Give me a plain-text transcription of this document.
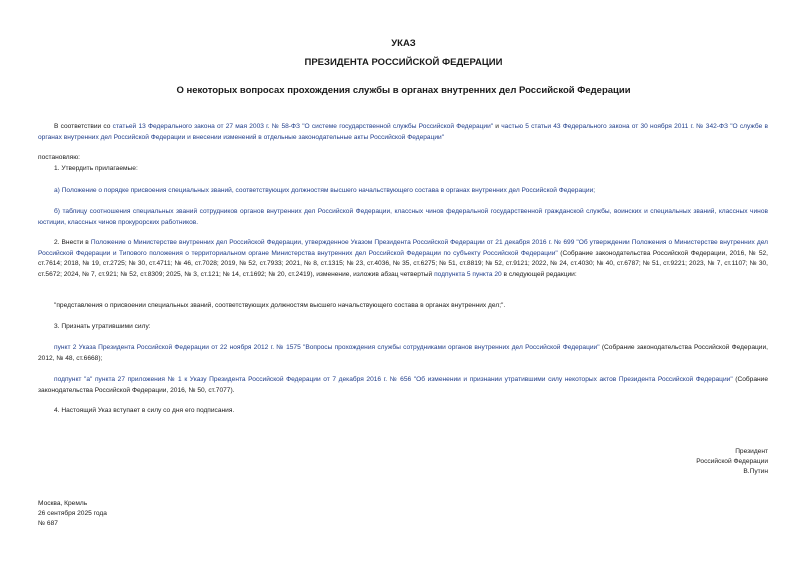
УКАЗ
ПРЕЗИДЕНТА РОССИЙСКОЙ ФЕДЕРАЦИИ
О некоторых вопросах прохождения службы в органах внутренних дел Российской Федерации

В соответствии со статьей 13 Федерального закона от 27 мая 2003 г. № 58-ФЗ "О системе государственной службы Российской Федерации" и частью 5 статьи 43 Федерального закона от 30 ноября 2011 г. № 342-ФЗ "О службе в органах внутренних дел Российской Федерации и внесении изменений в отдельные законодательные акты Российской Федерации"

постановляю:

1. Утвердить прилагаемые:

а) Положение о порядке присвоения специальных званий, соответствующих должностям высшего начальствующего состава в органах внутренних дел Российской Федерации;

б) таблицу соотношения специальных званий сотрудников органов внутренних дел Российской Федерации, классных чинов федеральной государственной гражданской службы, воинских и специальных званий, классных чинов юстиции, классных чинов прокурорских работников.

2. Внести в Положение о Министерстве внутренних дел Российской Федерации, утвержденное Указом Президента Российской Федерации от 21 декабря 2016 г. № 699 "Об утверждении Положения о Министерстве внутренних дел Российской Федерации и Типового положения о территориальном органе Министерства внутренних дел Российской Федерации по субъекту Российской Федерации" (Собрание законодательства Российской Федерации, 2016, № 52, ст.7614; 2018, № 19, ст.2725; № 30, ст.4711; № 46, ст.7028; 2019, № 52, ст.7933; 2021, № 8, ст.1315; № 23, ст.4036, № 35, ст.6275; № 51, ст.8819; № 52, ст.9121; 2022, № 24, ст.4030; № 40, ст.6787; № 51, ст.9221; 2023, № 7, ст.1107; № 30, ст.5672; 2024, № 7, ст.921; № 52, ст.8309; 2025, № 3, ст.121; № 14, ст.1692; № 20, ст.2419), изменение, изложив абзац четвертый подпункта 5 пункта 20 в следующей редакции:

"представления о присвоении специальных званий, соответствующих должностям высшего начальствующего состава в органах внутренних дел;".

3. Признать утратившими силу:

пункт 2 Указа Президента Российской Федерации от 22 ноября 2012 г. № 1575 "Вопросы прохождения службы сотрудниками органов внутренних дел Российской Федерации" (Собрание законодательства Российской Федерации, 2012, № 48, ст.6668);

подпункт "а" пункта 27 приложения № 1 к Указу Президента Российской Федерации от 7 декабря 2016 г. № 656 "Об изменении и признании утратившими силу некоторых актов Президента Российской Федерации" (Собрание законодательства Российской Федерации, 2016, № 50, ст.7077).

4. Настоящий Указ вступает в силу со дня его подписания.

Президент
Российской Федерации
В.Путин
Москва, Кремль
26 сентября 2025 года
№ 687
